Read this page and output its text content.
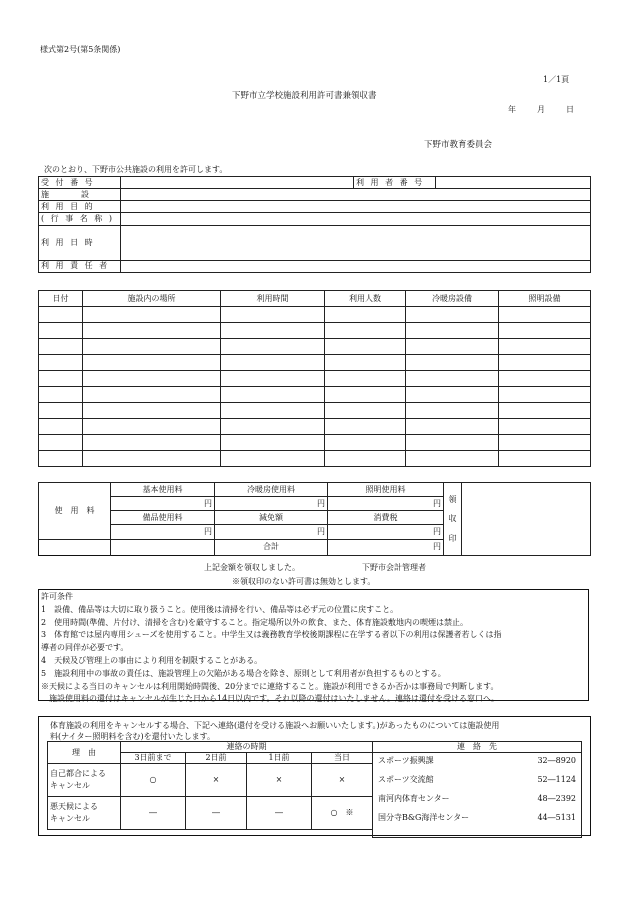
様式第2号(第5条関係)
1／1頁
下野市立学校施設利用許可書兼領収書
年	月	日
下野市教育委員会
次のとおり、下野市公共施設の利用を許可します。
受 付 番 号		利 用 者 番 号	
施　　　　設			
利 用 目 的			
( 行 事 名 称 )			
利 用 日 時			
利 用 責 任 者			
日付	施設内の場所	利用時間	利用人数	冷暖房設備	照明設備

使　用　料	基本使用料	冷暖房使用料	照明使用料	領
収
印	
	円	円	円		
	備品使用料	減免額	消費税		
	円	円	円		
		合計	円		
上記金額を領収しました。	下野市会計管理者
※領収印のない許可書は無効とします。
許可条件
1　設備、備品等は大切に取り扱うこと。使用後は清掃を行い、備品等は必ず元の位置に戻すこと。
2　使用時間(準備、片付け、清掃を含む)を厳守すること。指定場所以外の飲食、また、体育施設敷地内の喫煙は禁止。
3　体育館では屋内専用シューズを使用すること。中学生又は義務教育学校後期課程に在学する者以下の利用は保護者若しくは指
導者の同伴が必要です。
4　天候及び管理上の事由により利用を制限することがある。
5　施設利用中の事故の責任は、施設管理上の欠陥がある場合を除き、原則として利用者が負担するものとする。
※天候による当日のキャンセルは利用開始時間後、20分までに連絡すること。施設が利用できるか否かは事務局で判断します。
　施設使用料の還付はキャンセルが生じた日から14日以内です。それ以降の還付はいたしません。連絡は還付を受ける窓口へ。
体育施設の利用をキャンセルする場合、下記へ連絡(還付を受ける施設へお願いいたします。)があったものについては施設使用
料(ナイター照明料を含む)を還付いたします。
理　由	連絡の時期			
	3日前まで	2日前	1日前	当日
自己都合による
キャンセル	○	×	×	×
悪天候による
キャンセル	―	―	―	○　※
連　絡　先

スポーツ振興課	32―8920
スポーツ交流館	52―1124
南河内体育センター	48―2392
国分寺B&G海洋センター	44―5131
